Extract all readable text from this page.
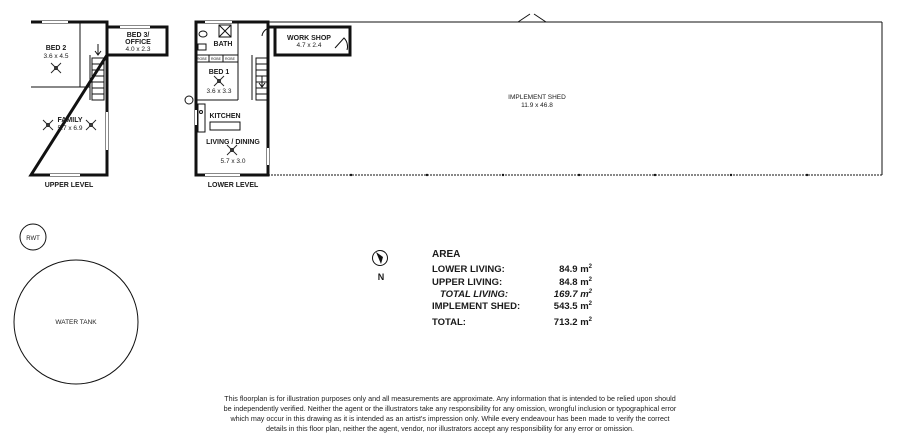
BED 2
3.6 x 4.5
BED 3/
OFFICE
4.0 x 2.3
FAMILY
5.7 x 6.9
UPPER LEVEL
BATH
ROBE ROBE ROBE
BED 1
3.6 x 3.3
KITCHEN
LIVING / DINING
5.7 x 3.0
WORK SHOP
4.7 x 2.4
LOWER LEVEL
IMPLEMENT SHED
11.9 x 46.8
RWT
WATER TANK
N
AREA
LOWER LIVING:	84.9 $m^2$
UPPER LIVING:	84.8 $m^2$
TOTAL LIVING:	169.7 $m^2$
IMPLEMENT SHED:	543.5 $m^2$
TOTAL:	713.2 $m^2$
This floorplan is for illustration purposes only and all measurements are approximate. Any information that is intended to be relied upon should be independently verified. Neither the agent or the illustrators take any responsibility for any omission, wrongful inclusion or typographical error which may occur in this drawing as it is intended as an artist's impression only. While every endeavour has been made to verify the correct details in this floor plan, neither the agent, vendor, nor illustrators accept any responsibility for any error or omission.
